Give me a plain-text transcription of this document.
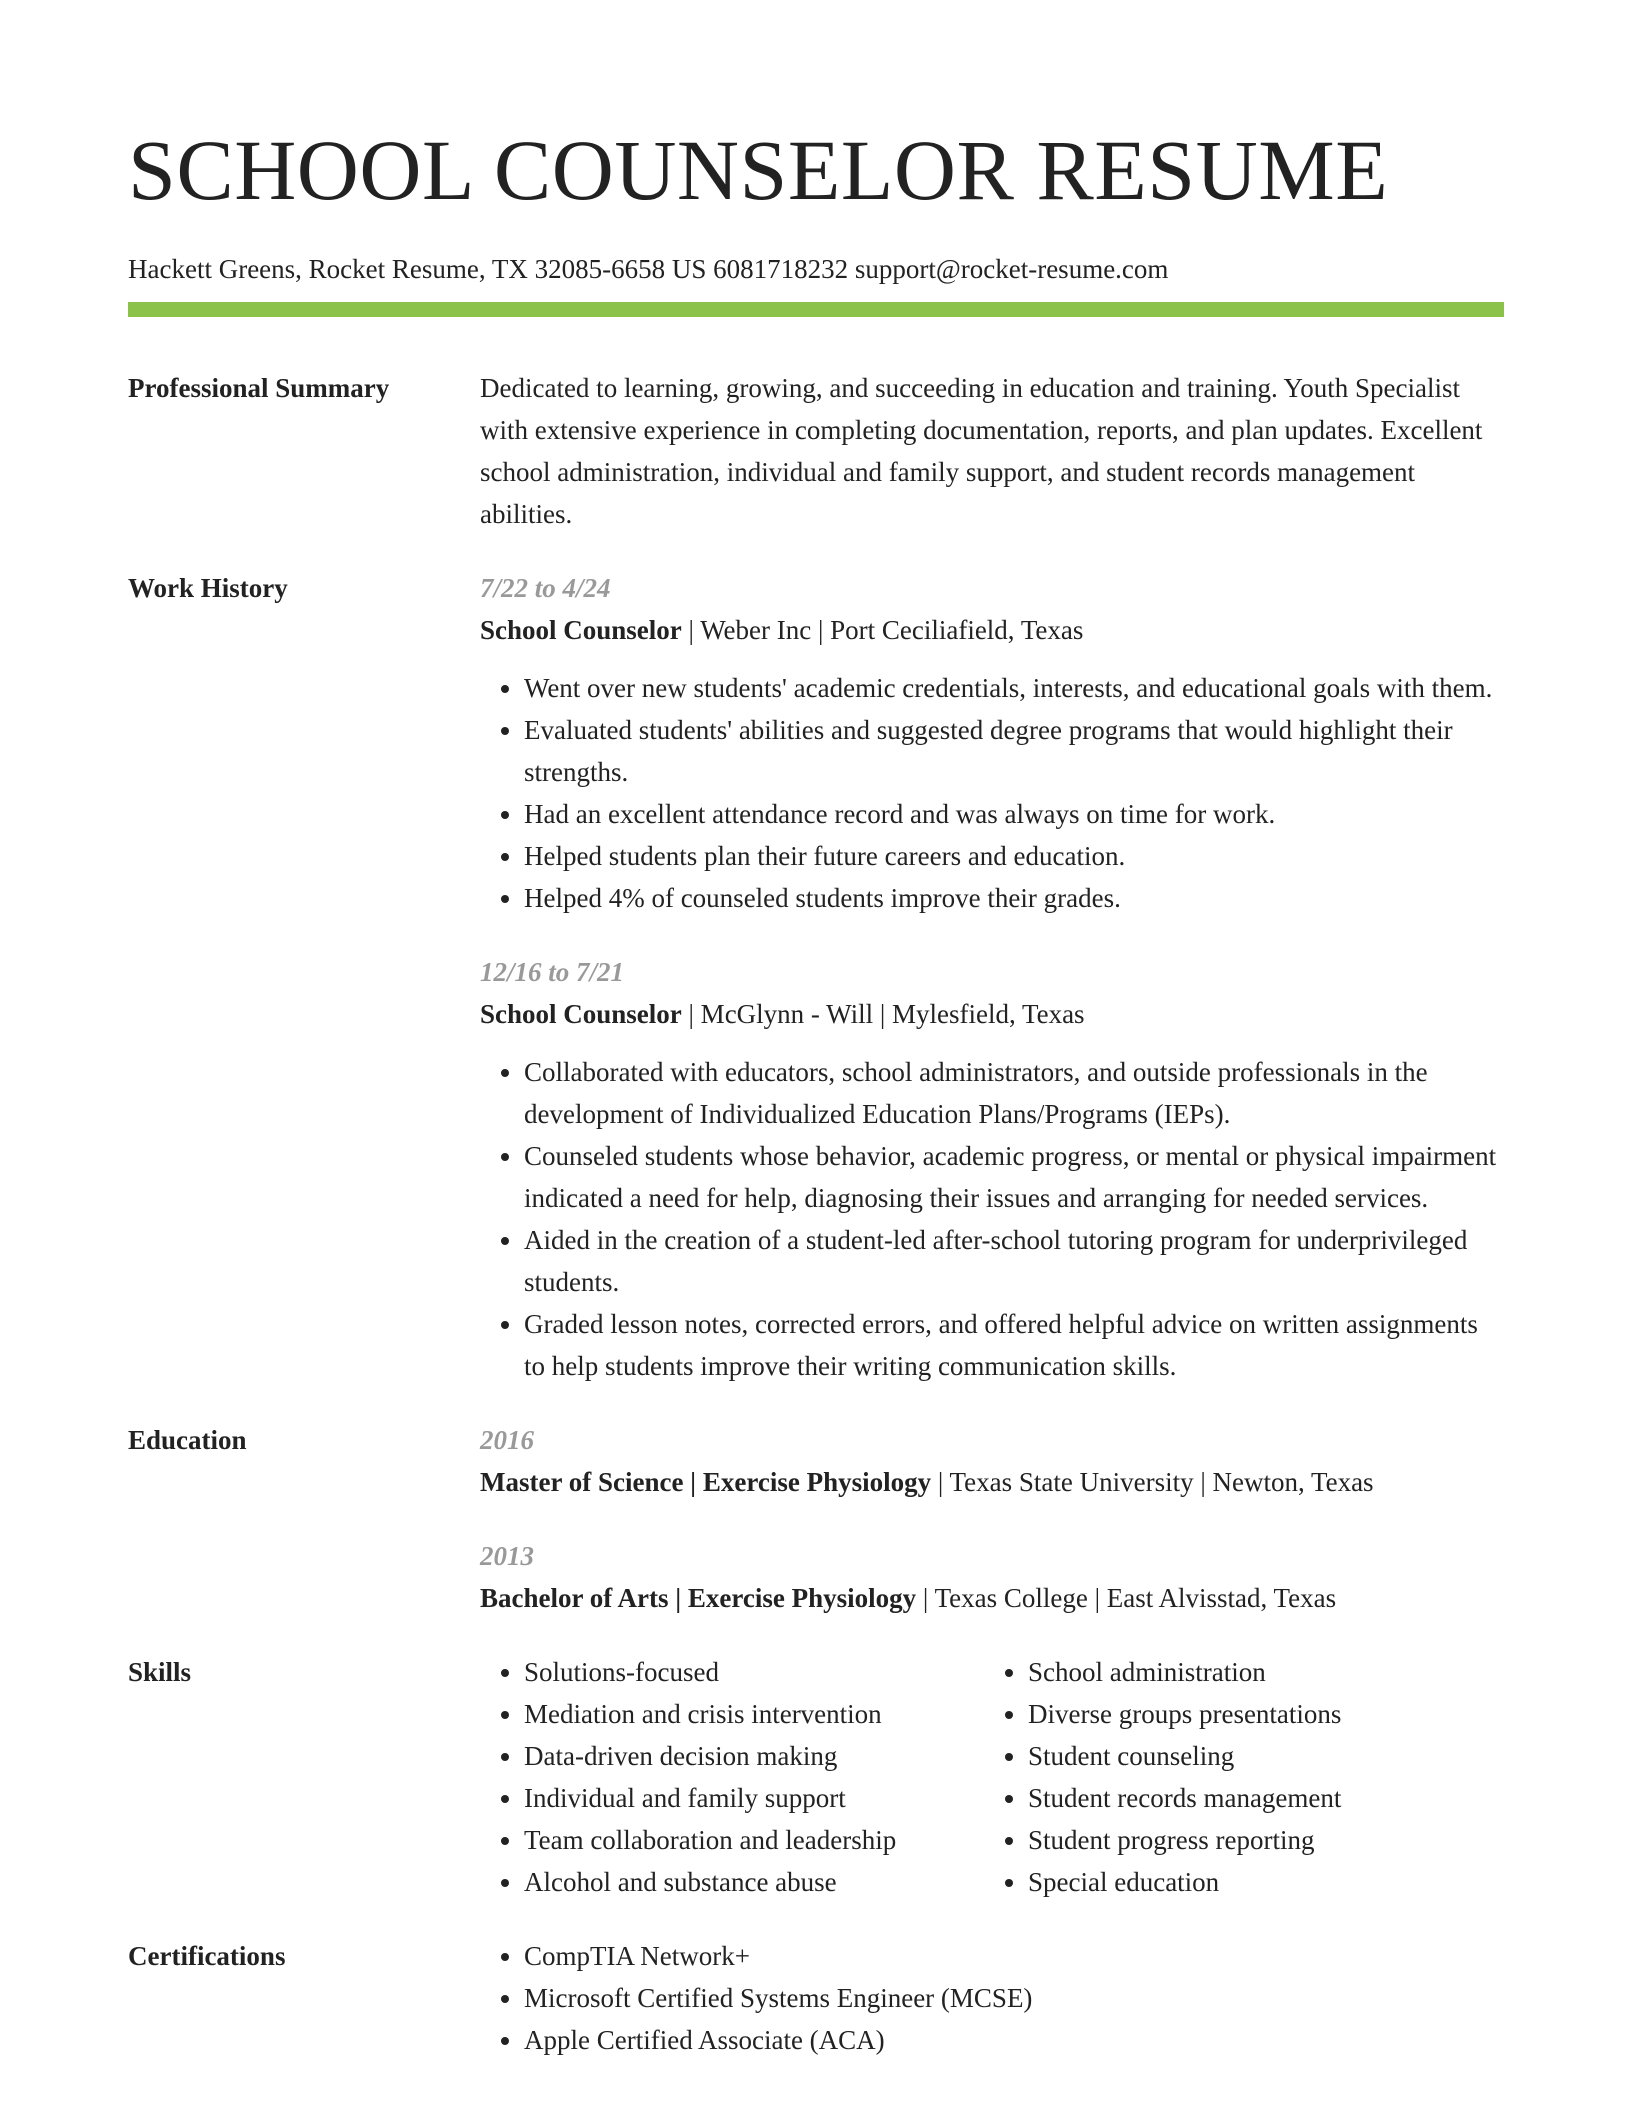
SCHOOL COUNSELOR RESUME
Hackett Greens, Rocket Resume, TX 32085-6658 US 6081718232 support@rocket-resume.com
Professional Summary	Dedicated to learning, growing, and succeeding in education and training. Youth Specialist with extensive experience in completing documentation, reports, and plan updates. Excellent school administration, individual and family support, and student records management abilities.
Work History	7/22 to 4/24
School Counselor | Weber Inc | Port Ceciliafield, Texas
• Went over new students' academic credentials, interests, and educational goals with them.
• Evaluated students' abilities and suggested degree programs that would highlight their strengths.
• Had an excellent attendance record and was always on time for work.
• Helped students plan their future careers and education.
• Helped 4% of counseled students improve their grades.
12/16 to 7/21
School Counselor | McGlynn - Will | Mylesfield, Texas
• Collaborated with educators, school administrators, and outside professionals in the development of Individualized Education Plans/Programs (IEPs).
• Counseled students whose behavior, academic progress, or mental or physical impairment indicated a need for help, diagnosing their issues and arranging for needed services.
• Aided in the creation of a student-led after-school tutoring program for underprivileged students.
• Graded lesson notes, corrected errors, and offered helpful advice on written assignments to help students improve their writing communication skills.
Education	2016
Master of Science | Exercise Physiology | Texas State University | Newton, Texas
2013
Bachelor of Arts | Exercise Physiology | Texas College | East Alvisstad, Texas
Skills	• Solutions-focused
• Mediation and crisis intervention
• Data-driven decision making
• Individual and family support
• Team collaboration and leadership
• Alcohol and substance abuse
• School administration
• Diverse groups presentations
• Student counseling
• Student records management
• Student progress reporting
• Special education
Certifications	• CompTIA Network+
• Microsoft Certified Systems Engineer (MCSE)
• Apple Certified Associate (ACA)
